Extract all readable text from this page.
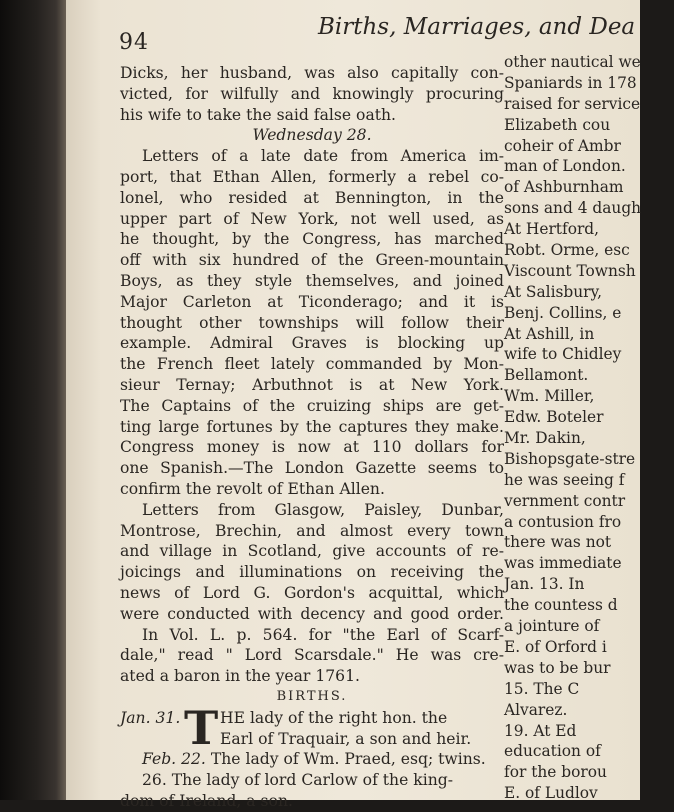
94
Births, Marriages, and Dea
Dicks, her husband, was also capitally con-
victed, for wilfully and knowingly procuring
his wife to take the said false oath.
Wednesday 28.
Letters of a late date from America im-
port, that Ethan Allen, formerly a rebel co-
lonel, who resided at Bennington, in the
upper part of New York, not well used, as
he thought, by the Congress, has marched
off with six hundred of the Green-mountain
Boys, as they style themselves, and joined
Major Carleton at Ticonderago; and it is
thought other townships will follow their
example. Admiral Graves is blocking up
the French fleet lately commanded by Mon-
sieur Ternay; Arbuthnot is at New York.
The Captains of the cruizing ships are get-
ting large fortunes by the captures they make.
Congress money is now at 110 dollars for
one Spanish.—The London Gazette seems to
confirm the revolt of Ethan Allen.
Letters from Glasgow, Paisley, Dunbar,
Montrose, Brechin, and almost every town
and village in Scotland, give accounts of re-
joicings and illuminations on receiving the
news of Lord G. Gordon's acquittal, which
were conducted with decency and good order.
In Vol. L. p. 564. for "the Earl of Scarf-
dale," read " Lord Scarsdale." He was cre-
ated a baron in the year 1761.
BIRTHS.
Jan. 31. T HE lady of the right hon. the
Earl of Traquair, a son and heir.
Feb. 22. The lady of Wm. Praed, esq; twins.
26. The lady of lord Carlow of the king-
dom of Ireland, a son.
other nautical we
Spaniards in 178
raised for service
Elizabeth cou
coheir of Ambr
man of London.
of Ashburnham
sons and 4 daugh
At Hertford,
Robt. Orme, esc
Viscount Townsh
At Salisbury,
Benj. Collins, e
At Ashill, in
wife to Chidley
Bellamont.
Wm. Miller,
Edw. Boteler
Mr. Dakin,
Bishopsgate-stre
he was seeing f
vernment contr
a contusion fro
there was not
was immediate
Jan. 13. In
the countess d
a jointure of
E. of Orford i
was to be bur
15. The C
Alvarez.
19. At Ed
education of
for the borou
E. of Ludlov
